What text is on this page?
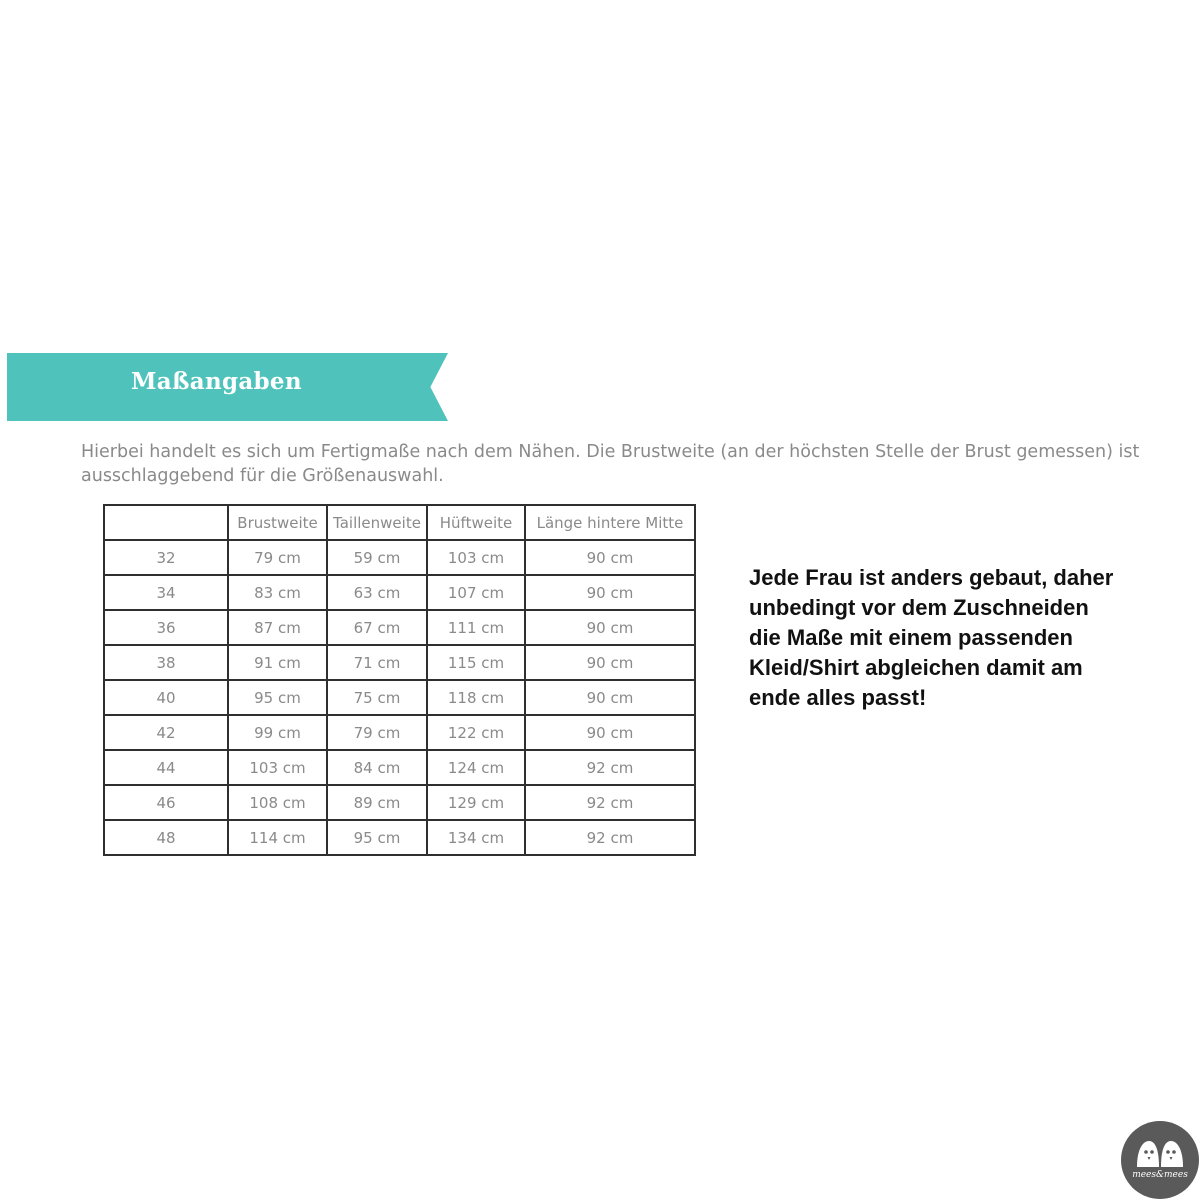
Maßangaben
Hierbei handelt es sich um Fertigmaße nach dem Nähen. Die Brustweite (an der höchsten Stelle der Brust gemessen) ist
ausschlaggebend für die Größenauswahl.
	Brustweite	Taillenweite	Hüftweite	Länge hintere Mitte
32	79 cm	59 cm	103 cm	90 cm
34	83 cm	63 cm	107 cm	90 cm
36	87 cm	67 cm	111 cm	90 cm
38	91 cm	71 cm	115 cm	90 cm
40	95 cm	75 cm	118 cm	90 cm
42	99 cm	79 cm	122 cm	90 cm
44	103 cm	84 cm	124 cm	92 cm
46	108 cm	89 cm	129 cm	92 cm
48	114 cm	95 cm	134 cm	92 cm
Jede Frau ist anders gebaut, daher
unbedingt vor dem Zuschneiden
die Maße mit einem passenden
Kleid/Shirt abgleichen damit am
ende alles passt!
mees&mees
